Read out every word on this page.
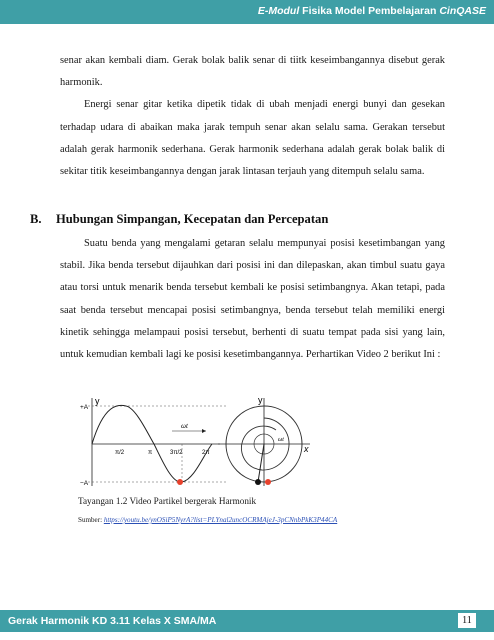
E-Modul Fisika Model Pembelajaran CinQASE

senar akan kembali diam. Gerak bolak balik senar di tiitk keseimbangannya disebut gerak harmonik.

Energi senar gitar ketika dipetik tidak di ubah menjadi energi bunyi dan gesekan terhadap udara di abaikan maka jarak tempuh senar akan selalu sama. Gerakan tersebut adalah gerak harmonik sederhana. Gerak harmonik sederhana adalah gerak bolak balik di sekitar titik keseimbangannya dengan jarak lintasan terjauh yang ditempuh selalu sama.

B. Hubungan Simpangan, Kecepatan dan Percepatan

Suatu benda yang mengalami getaran selalu mempunyai posisi kesetimbangan yang stabil. Jika benda tersebut dijauhkan dari posisi ini dan dilepaskan, akan timbul suatu gaya atau torsi untuk menarik benda tersebut kembali ke posisi setimbangnya. Akan tetapi, pada saat benda tersebut mencapai posisi setimbangnya, benda tersebut telah memiliki energi kinetik sehingga melampaui posisi tersebut, berhenti di suatu tempat pada sisi yang lain, untuk kemudian kembali lagi ke posisi kesetimbangannya. Perhartikan Video 2 berikut Ini :

+A
−A
y
ωt
π/2	π	3π/2	2π
y
ωt
x
Tayangan 1.2 Video Partikel bergerak Harmonik
Sumber: https://youtu.be/ynOSiP5NyrA?list=PLYnal2uncOCRMAjeJ-3pCNnbPkK3P44CA
Gerak Harmonik KD 3.11 Kelas X SMA/MA	11
